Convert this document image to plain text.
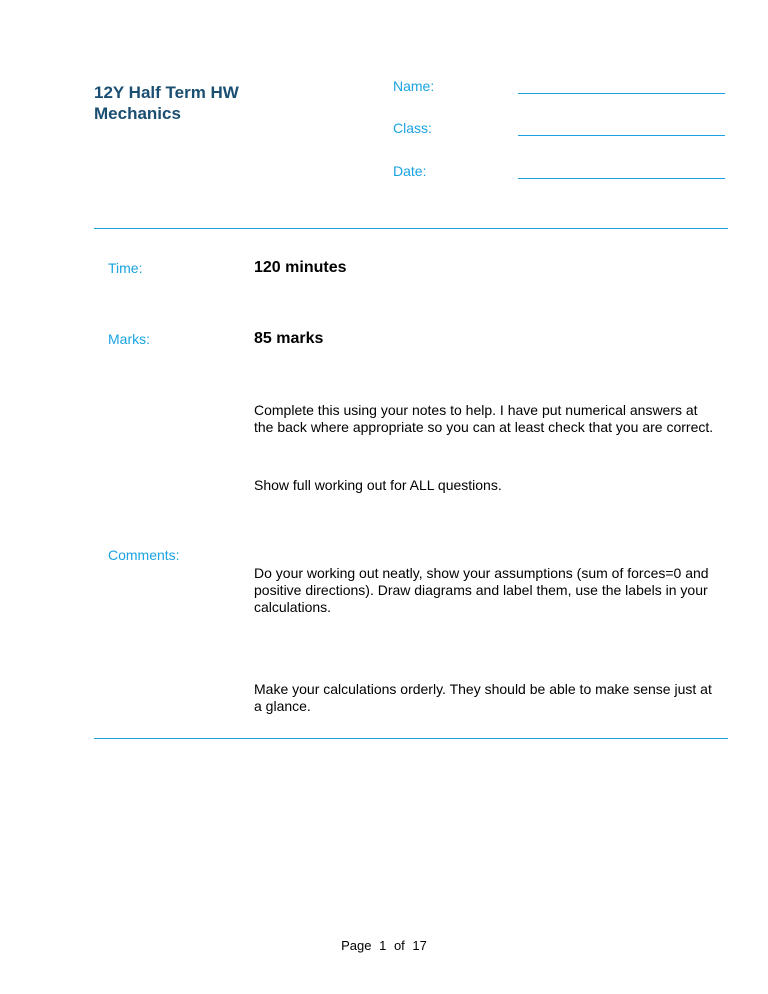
12Y Half Term HW
Mechanics
Name:
Class:
Date:
Time:	120 minutes
Marks:	85 marks
Complete this using your notes to help. I have put numerical answers at the back where appropriate so you can at least check that you are correct.
Show full working out for ALL questions.
Comments:
Do your working out neatly, show your assumptions (sum of forces=0 and positive directions). Draw diagrams and label them, use the labels in your calculations.
Make your calculations orderly. They should be able to make sense just at a glance.
Page 1 of 17
